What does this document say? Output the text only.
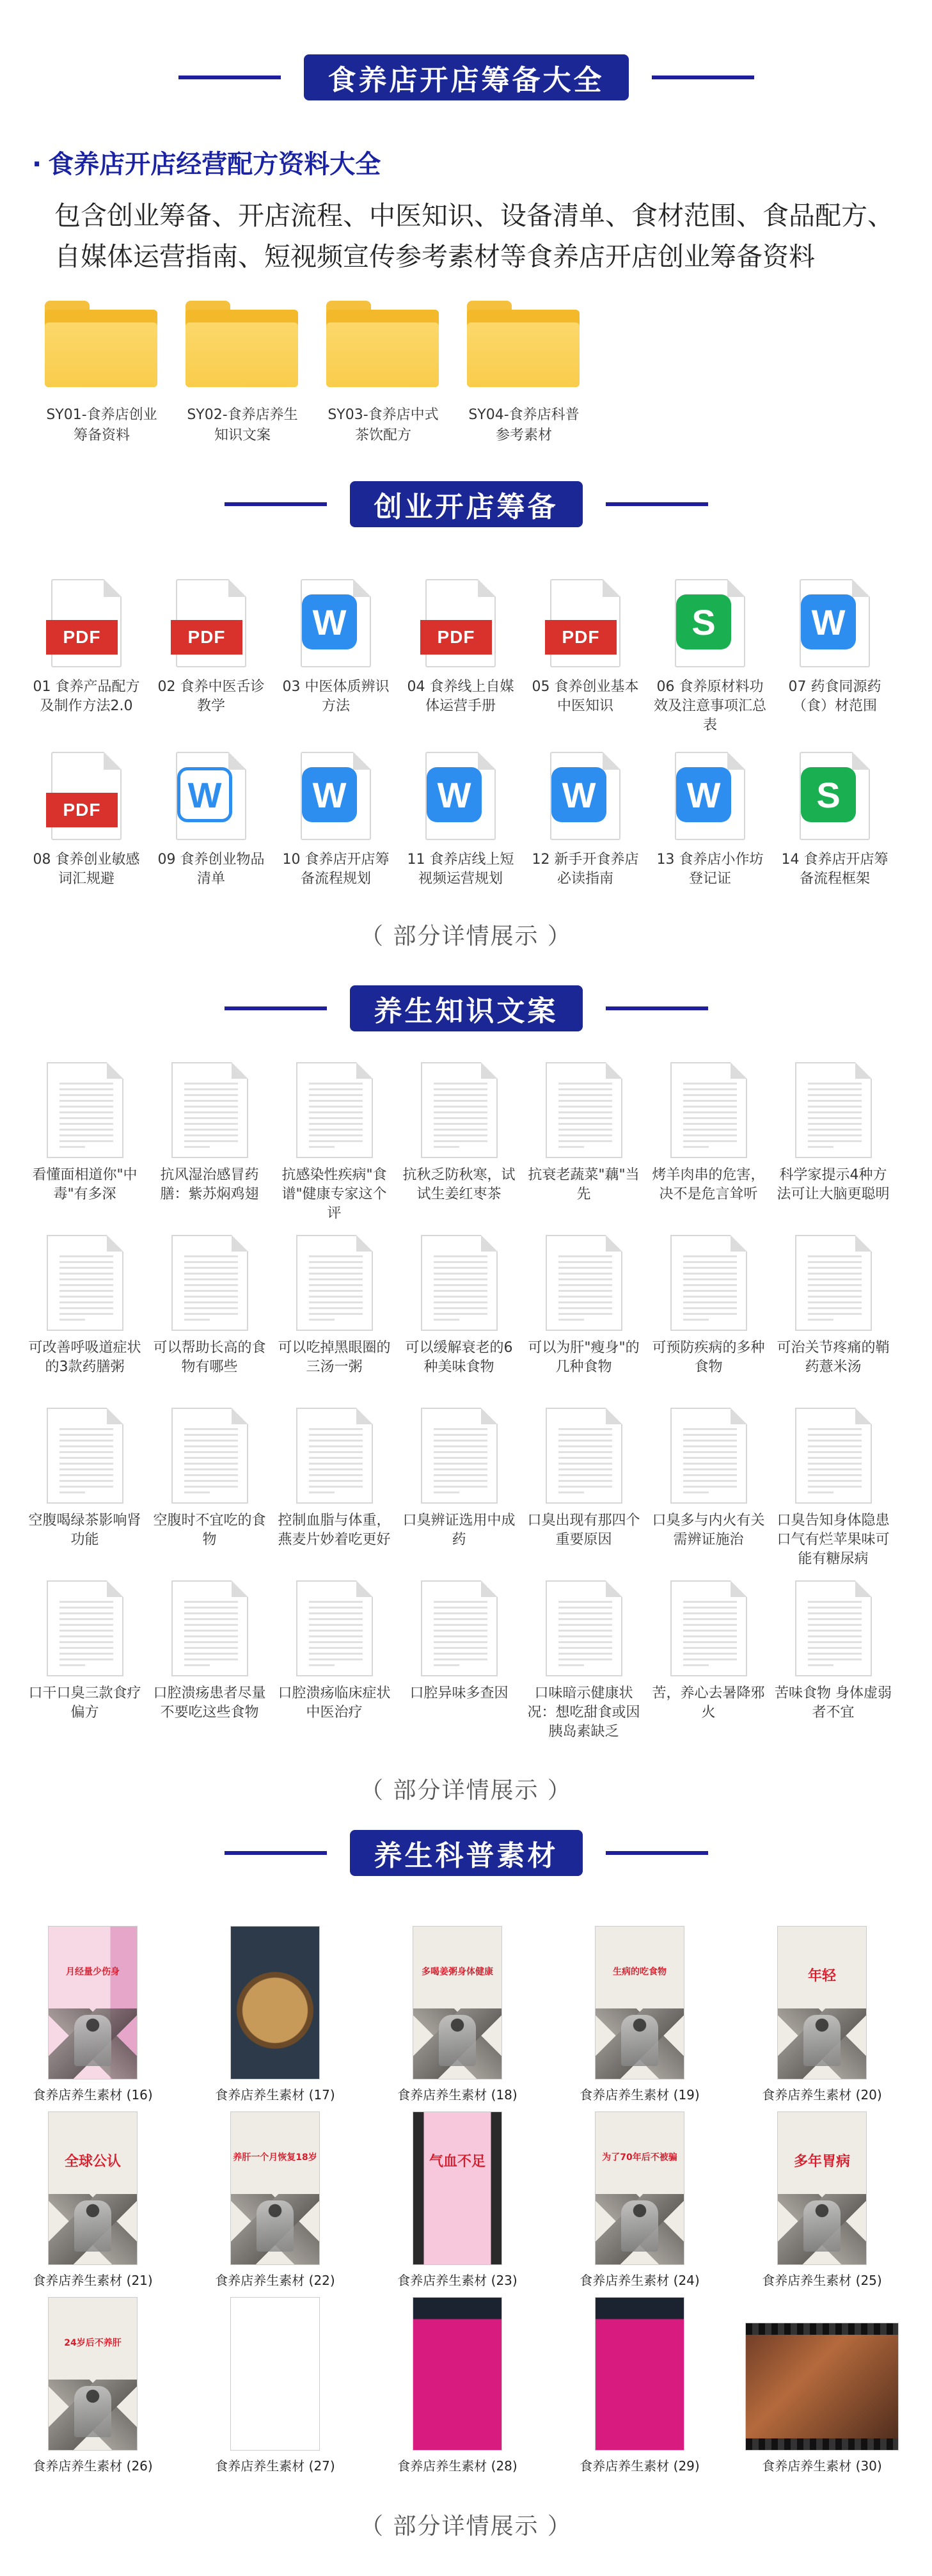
食养店开店筹备大全
· 食养店开店经营配方资料大全
包含创业筹备、开店流程、中医知识、设备清单、食材范围、食品配方、自媒体运营指南、短视频宣传参考素材等食养店开店创业筹备资料
SY01-食养店创业筹备资料
SY02-食养店养生知识文案
SY03-食养店中式茶饮配方
SY04-食养店科普参考素材
创业开店筹备
PDF
01 食养产品配方及制作方法2.0
PDF
02 食养中医舌诊教学
W
03 中医体质辨识方法
PDF
04 食养线上自媒体运营手册
PDF
05 食养创业基本中医知识
S
06 食养原材料功效及注意事项汇总表
W
07 药食同源药（食）材范围
PDF
08 食养创业敏感词汇规避
W
09 食养创业物品清单
W
10 食养店开店筹备流程规划
W
11 食养店线上短视频运营规划
W
12 新手开食养店必读指南
W
13 食养店小作坊登记证
S
14 食养店开店筹备流程框架
（ 部分详情展示 ）
养生知识文案
看懂面相道你"中毒"有多深
抗风湿治感冒药膳：紫苏焖鸡翅
抗感染性疾病"食谱"健康专家这个评
抗秋乏防秋寒，试试生姜红枣茶
抗衰老蔬菜"藕"当先
烤羊肉串的危害，决不是危言耸听
科学家提示4种方法可让大脑更聪明
可改善呼吸道症状的3款药膳粥
可以帮助长高的食物有哪些
可以吃掉黑眼圈的三汤一粥
可以缓解衰老的6种美味食物
可以为肝"瘦身"的几种食物
可预防疾病的多种食物
可治关节疼痛的鞘药薏米汤
空腹喝绿茶影响肾功能
空腹时不宜吃的食物
控制血脂与体重，燕麦片妙着吃更好
口臭辨证选用中成药
口臭出现有那四个重要原因
口臭多与内火有关需辨证施治
口臭告知身体隐患 口气有烂苹果味可能有糖尿病
口干口臭三款食疗偏方
口腔溃疡患者尽量不要吃这些食物
口腔溃疡临床症状中医治疗
口腔异味多查因	口味暗示健康状况：想吃甜食或因胰岛素缺乏
苦，养心去暑降邪火
苦味食物 身体虚弱者不宜
（ 部分详情展示 ）
养生科普素材
月经量少伤身
食养店养生素材 (16)	食养店养生素材 (17)
多喝姜粥身体健康
食养店养生素材 (18)
生病的吃食物
食养店养生素材 (19)
年轻
食养店养生素材 (20)
全球公认
食养店养生素材 (21)
养肝一个月恢复18岁
食养店养生素材 (22)
气血不足
食养店养生素材 (23)
为了70年后不被骗
食养店养生素材 (24)
多年胃病
食养店养生素材 (25)
24岁后不养肝
食养店养生素材 (26)	食养店养生素材 (27)	食养店养生素材 (28)	食养店养生素材 (29)	食养店养生素材 (30)
（ 部分详情展示 ）
